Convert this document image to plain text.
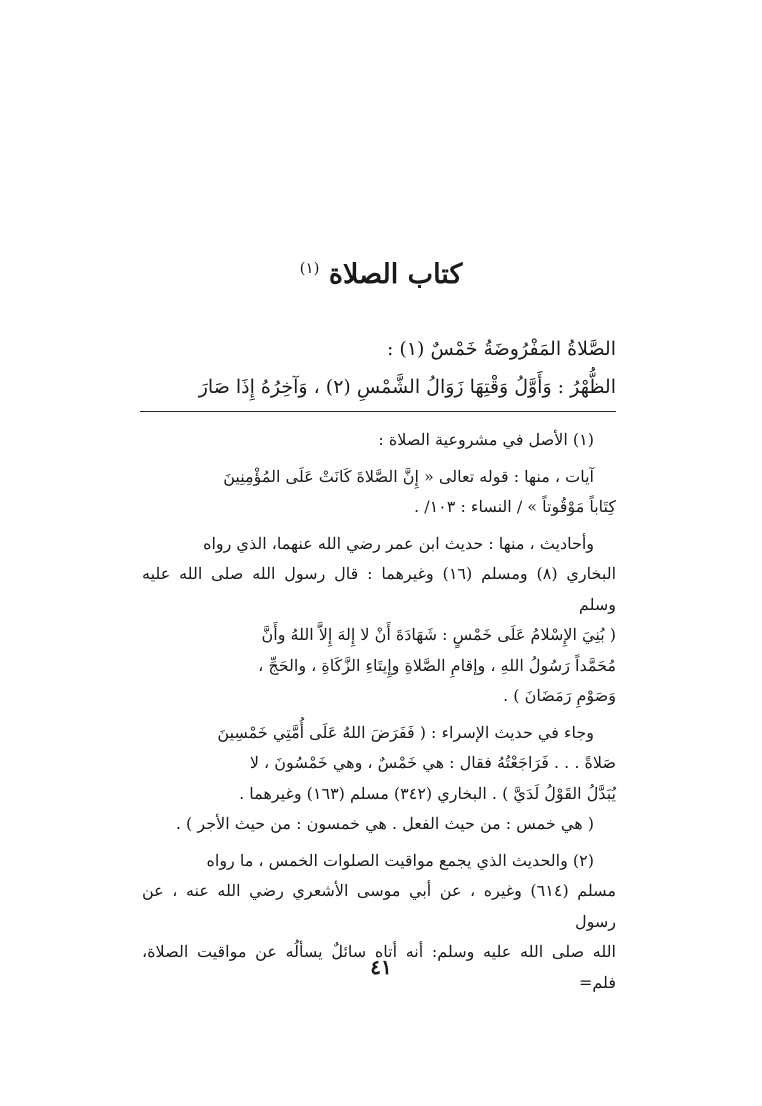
كتاب الصلاة $^{(١)}$

الصَّلاةُ المَفْرُوضَةُ خَمْسٌ (١) :

الظُّهْرُ : وَأَوَّلُ وَقْتِهَا زَوَالُ الشَّمْسِ (٢) ، وَآخِرُهُ إِذَا صَارَ

(١) الأصل في مشروعية الصلاة :

آيات ، منها : قوله تعالى « إِنَّ الصَّلاةَ كَانَتْ عَلَى المُؤْمِنِينَ

كِتَاباً مَوْقُوتاً » / النساء : ١٠٣/ .

وأحاديث ، منها : حديث ابن عمر رضي الله عنهما، الذي رواه

البخاري (٨) ومسلم (١٦) وغيرهما : قال رسول الله صلى الله عليه وسلم

( بُنِيَ الإِسْلامُ عَلَى خَمْسٍ : شَهَادَةَ أَنْ لا إِلهَ إِلاَّ اللهُ وأَنَّ

مُحَمَّداً رَسُولُ اللهِ ، وإقامِ الصَّلاةِ وإِيتَاءِ الزَّكَاةِ ، والحَجِّ ،

وَصَوْمِ رَمَضَانَ ) .

وجاء في حديث الإسراء : ( فَفَرَضَ اللهُ عَلَى أُمَّتِي خَمْسِينَ

صَلاةً . . . فَرَاجَعْتُهُ فقال : هي خَمْسٌ ، وهي خَمْسُونَ ، لا

يُبَدَّلُ القَوْلُ لَدَيَّ ) . البخاري (٣٤٢) مسلم (١٦٣) وغيرهما .

( هي خمس : من حيث الفعل . هي خمسون : من حيث الأجر ) .

(٢) والحديث الذي يجمع مواقيت الصلوات الخمس ، ما رواه

مسلم (٦١٤) وغيره ، عن أبي موسى الأشعري رضي الله عنه ، عن رسول

الله صلى الله عليه وسلم: أنه أتاه سائلٌ يسألُه عن مواقيت الصلاة، فلم=

٤١
